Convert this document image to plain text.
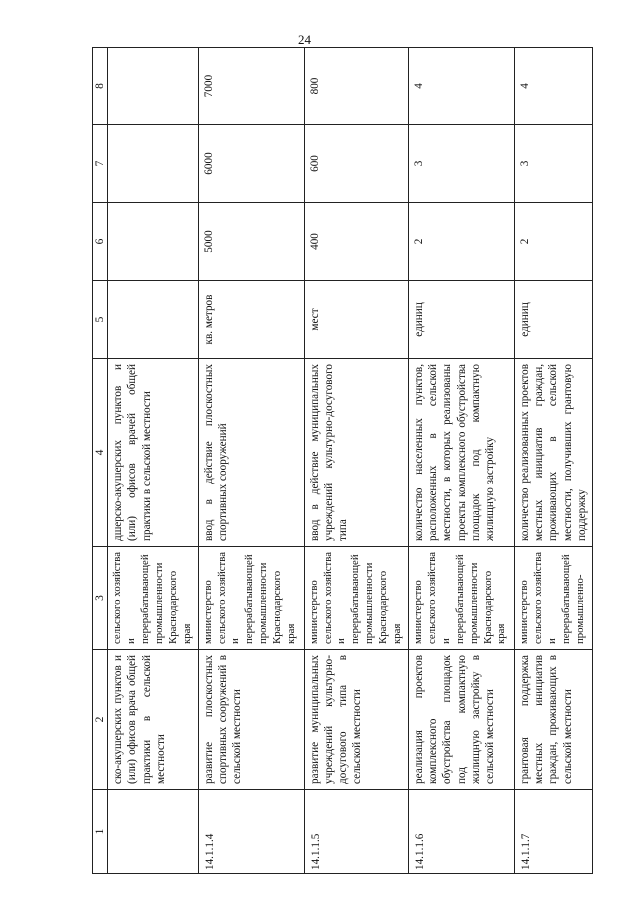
24
1	2	3	4	5	6	7	8
	ско-акушерских пунктов и (или) офисов врача общей практики в сельской местности	сельского хозяйства и перерабатывающей промышленности Краснодарского края	дшерско-акушерских пунктов и (или) офисов врачей общей практики в сельской местности				
14.1.1.4	развитие плоскостных спортивных сооружений в сельской местности	министерство сельского хозяйства и перерабатывающей промышленности Краснодарского края	ввод в действие плоскостных спортивных сооружений	кв. метров	5000	6000	7000
14.1.1.5	развитие муниципальных учреждений культурно-досугового типа в сельской местности	министерство сельского хозяйства и перерабатывающей промышленности Краснодарского края	ввод в действие муниципальных учреждений культурно-досугового типа	мест	400	600	800
14.1.1.6	реализация проектов комплексного обустройства площадок под компактную жилищную застройку в сельской местности	министерство сельского хозяйства и перерабатывающей промышленности Краснодарского края	количество населенных пунктов, расположенных в сельской местности, в которых реализованы проекты комплексного обустройства площадок под компактную жилищную застройку	единиц	2	3	4
14.1.1.7	грантовая поддержка местных инициатив граждан, проживающих в сельской местности	министерство сельского хозяйства и перерабатывающей промышленно-	количество реализованных проектов местных инициатив граждан, проживающих в сельской местности, получивших грантовую поддержку	единиц	2	3	4
